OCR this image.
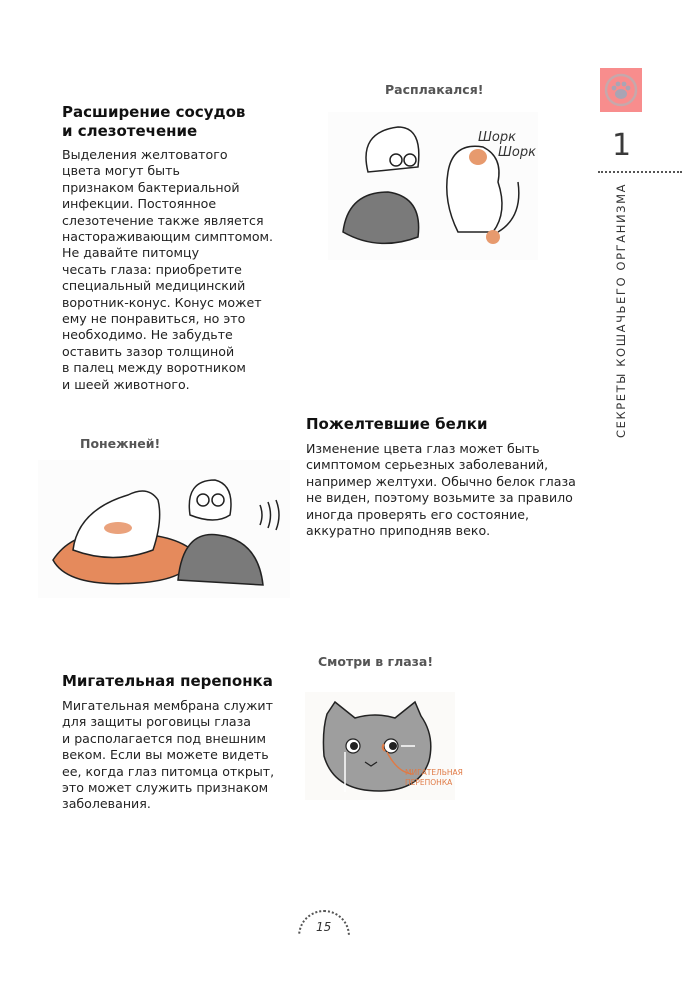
1
СЕКРЕТЫ КОШАЧЬЕГО ОРГАНИЗМА
Расширение сосудов
и слезотечение

Выделения желтоватого

цвета могут быть

признаком бактериальной

инфекции. Постоянное

слезотечение также является

настораживающим симптомом.

Не давайте питомцу

чесать глаза: приобретите

специальный медицинский

воротник-конус. Конус может

ему не понравиться, но это

необходимо. Не забудьте

оставить зазор толщиной

в палец между воротником

и шеей животного.

Расплакался!
Шорк
Шорк
Понежней!
Пожелтевшие белки

Изменение цвета глаз может быть

симптомом серьезных заболеваний,

например желтухи. Обычно белок глаза

не виден, поэтому возьмите за правило

иногда проверять его состояние,

аккуратно приподняв веко.

Смотри в глаза!
МИГАТЕЛЬНАЯ
ПЕРЕПОНКА
Мигательная перепонка

Мигательная мембрана служит

для защиты роговицы глаза

и располагается под внешним

веком. Если вы можете видеть

ее, когда глаз питомца открыт,

это может служить признаком

заболевания.

15
